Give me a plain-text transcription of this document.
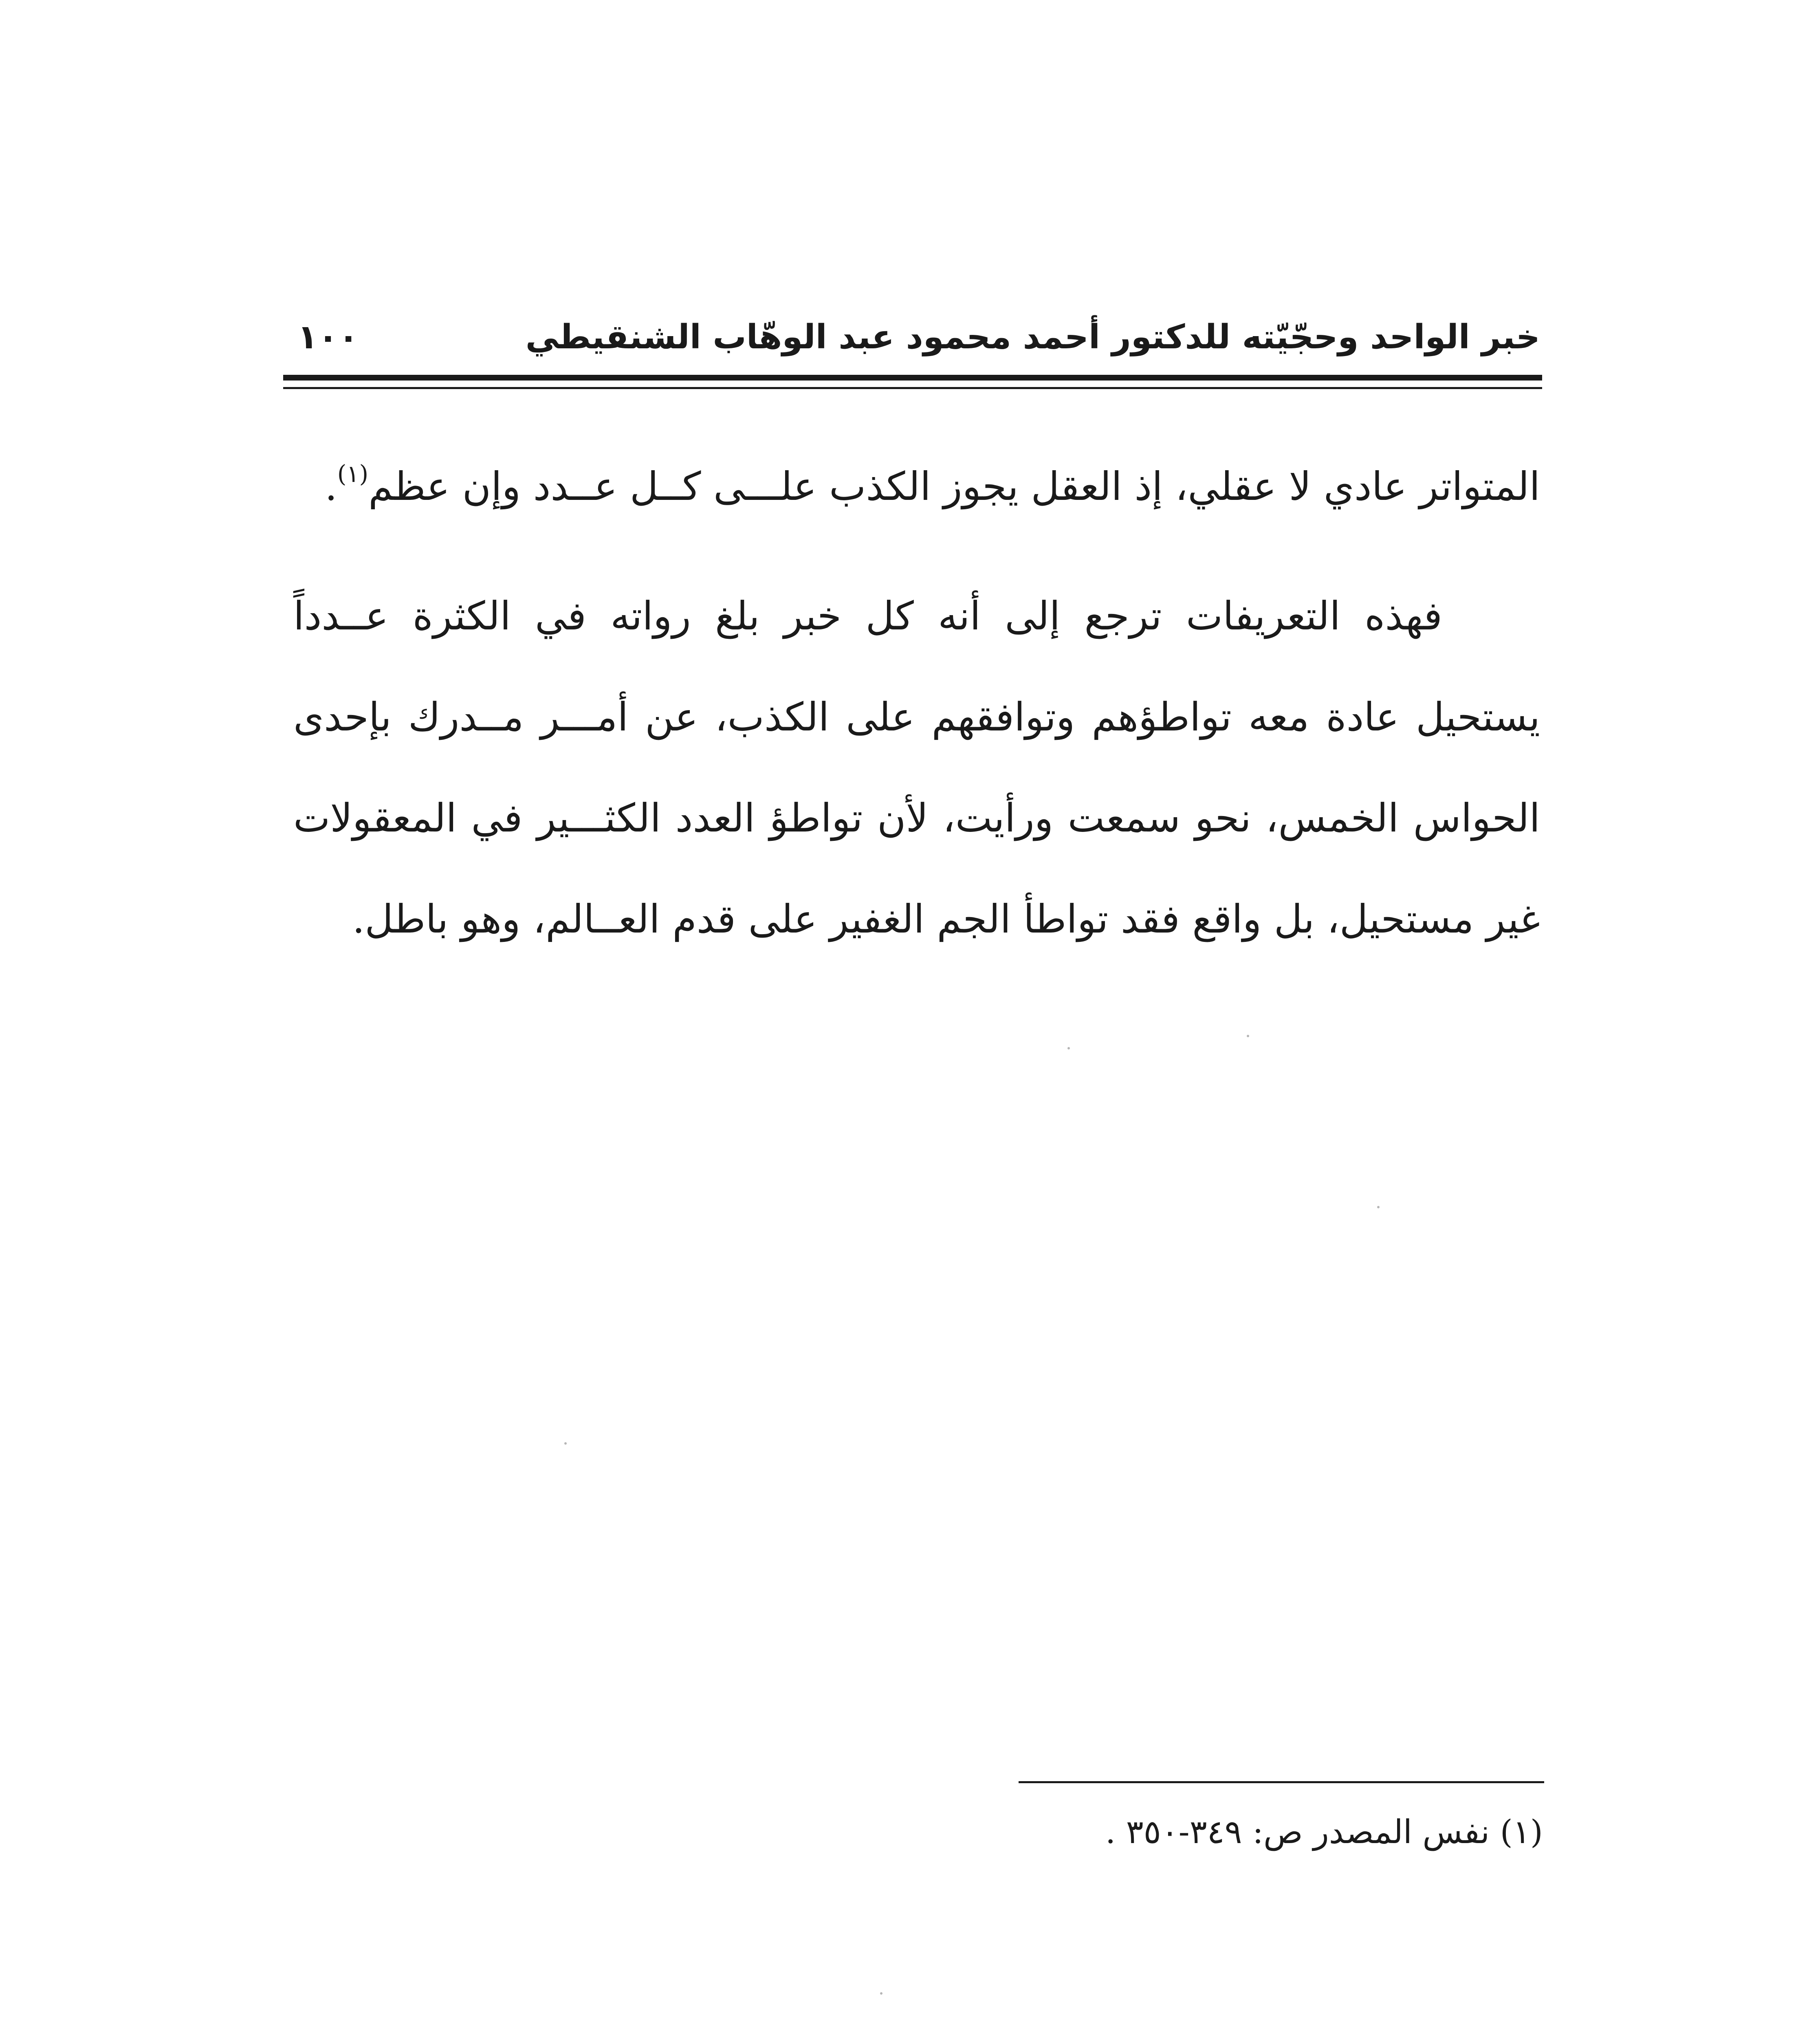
خبر الواحد وحجّيّته للدكتور أحمد محمود عبد الوهّاب الشنقيطي
١٠٠

المتواتر عادي لا عقلي، إذ العقل يجوز الكذب علـــى كــل عــدد وإن عظم$^{(١)}$.

فهذه التعريفات ترجع إلى أنه كل خبر بلغ رواته في الكثرة عــدداً يستحيل عادة معه تواطؤهم وتوافقهم على الكذب، عن أمـــر مــدرك بإحدى الحواس الخمس، نحو سمعت ورأيت، لأن تواطؤ العدد الكثـــير في المعقولات غير مستحيل، بل واقع فقد تواطأ الجم الغفير على قدم العــالم، وهو باطل.

(١) نفس المصدر ص: ٣٤٩-٣٥٠ .
